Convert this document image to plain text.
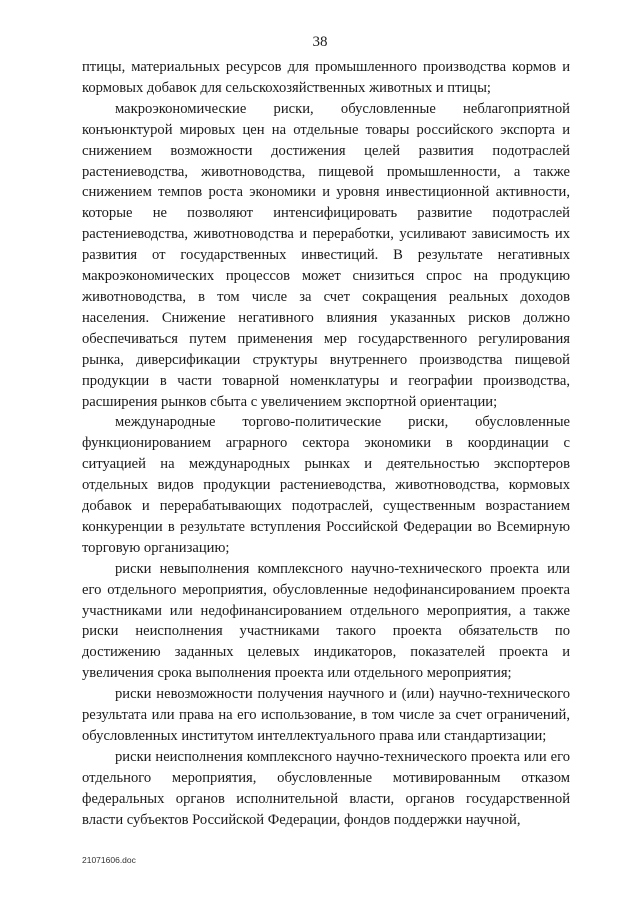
38

птицы, материальных ресурсов для промышленного производства кормов и кормовых добавок для сельскохозяйственных животных и птицы;

макроэкономические риски, обусловленные неблагоприятной конъюнктурой мировых цен на отдельные товары российского экспорта и снижением возможности достижения целей развития подотраслей растениеводства, животноводства, пищевой промышленности, а также снижением темпов роста экономики и уровня инвестиционной активности, которые не позволяют интенсифицировать развитие подотраслей растениеводства, животноводства и переработки, усиливают зависимость их развития от государственных инвестиций. В результате негативных макроэкономических процессов может снизиться спрос на продукцию животноводства, в том числе за счет сокращения реальных доходов населения. Снижение негативного влияния указанных рисков должно обеспечиваться путем применения мер государственного регулирования рынка, диверсификации структуры внутреннего производства пищевой продукции в части товарной номенклатуры и географии производства, расширения рынков сбыта с увеличением экспортной ориентации;

международные торгово-политические риски, обусловленные функционированием аграрного сектора экономики в координации с ситуацией на международных рынках и деятельностью экспортеров отдельных видов продукции растениеводства, животноводства, кормовых добавок и перерабатывающих подотраслей, существенным возрастанием конкуренции в результате вступления Российской Федерации во Всемирную торговую организацию;

риски невыполнения комплексного научно-технического проекта или его отдельного мероприятия, обусловленные недофинансированием проекта участниками или недофинансированием отдельного мероприятия, а также риски неисполнения участниками такого проекта обязательств по достижению заданных целевых индикаторов, показателей проекта и увеличения срока выполнения проекта или отдельного мероприятия;

риски невозможности получения научного и (или) научно-технического результата или права на его использование, в том числе за счет ограничений, обусловленных институтом интеллектуального права или стандартизации;

риски неисполнения комплексного научно-технического проекта или его отдельного мероприятия, обусловленные мотивированным отказом федеральных органов исполнительной власти, органов государственной власти субъектов Российской Федерации, фондов поддержки научной,

21071606.doc
